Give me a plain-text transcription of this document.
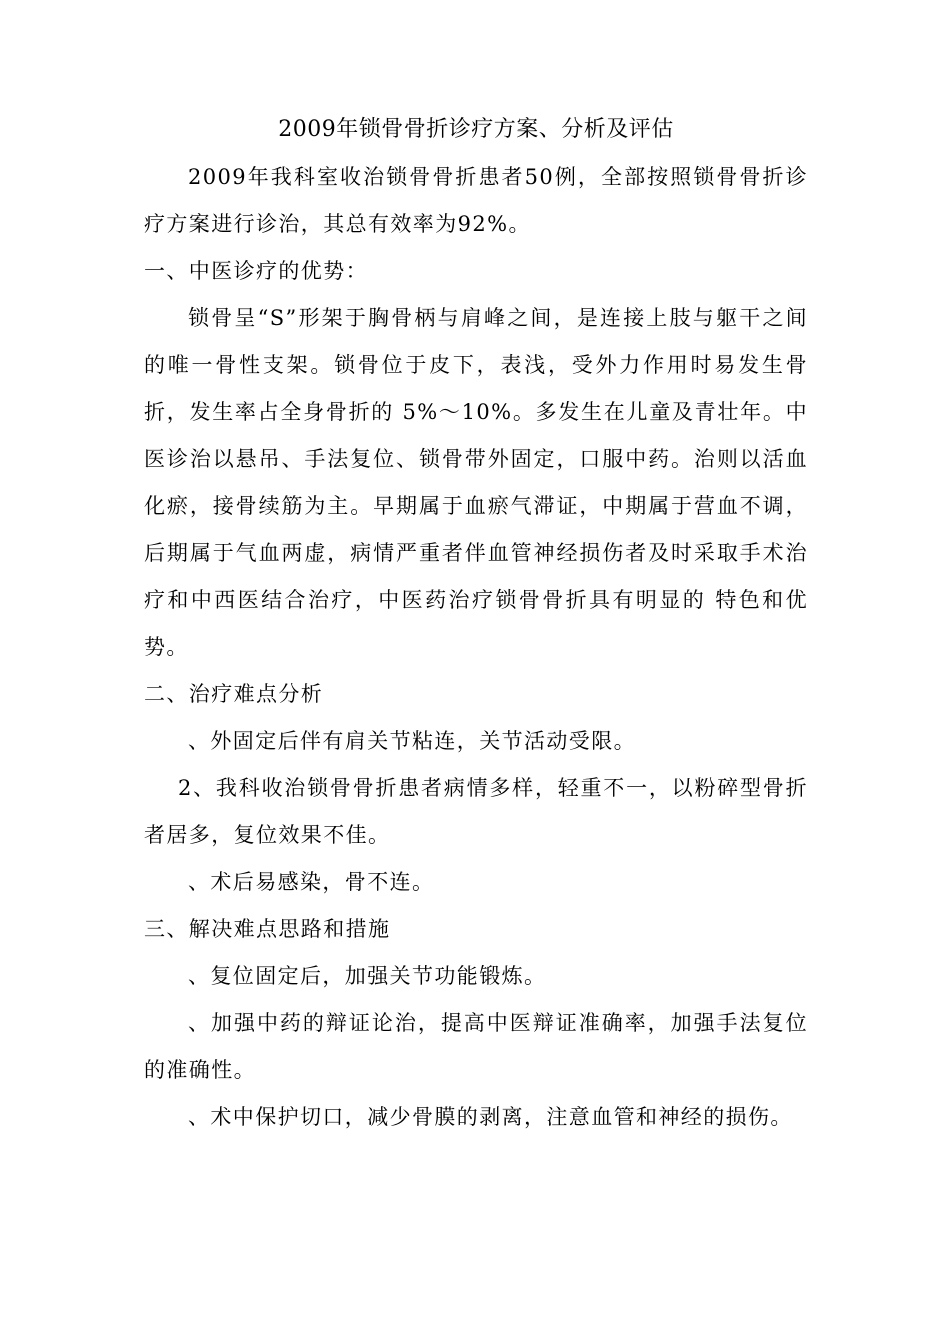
2009年锁骨骨折诊疗方案、分析及评估

2009年我科室收治锁骨骨折患者50例，全部按照锁骨骨折诊疗方案进行诊治，其总有效率为92%。

一、中医诊疗的优势：

锁骨呈“S”形架于胸骨柄与肩峰之间，是连接上肢与躯干之间的唯一骨性支架。锁骨位于皮下，表浅，受外力作用时易发生骨折，发生率占全身骨折的 5%～10%。多发生在儿童及青壮年。中医诊治以悬吊、手法复位、锁骨带外固定，口服中药。治则以活血化瘀，接骨续筋为主。早期属于血瘀气滞证，中期属于营血不调，后期属于气血两虚，病情严重者伴血管神经损伤者及时采取手术治疗和中西医结合治疗，中医药治疗锁骨骨折具有明显的 特色和优势。

二、治疗难点分析

、外固定后伴有肩关节粘连，关节活动受限。

2、我科收治锁骨骨折患者病情多样，轻重不一，以粉碎型骨折者居多，复位效果不佳。

、术后易感染，骨不连。

三、解决难点思路和措施

、复位固定后，加强关节功能锻炼。

、加强中药的辩证论治，提高中医辩证准确率，加强手法复位的准确性。

、术中保护切口，减少骨膜的剥离，注意血管和神经的损伤。
